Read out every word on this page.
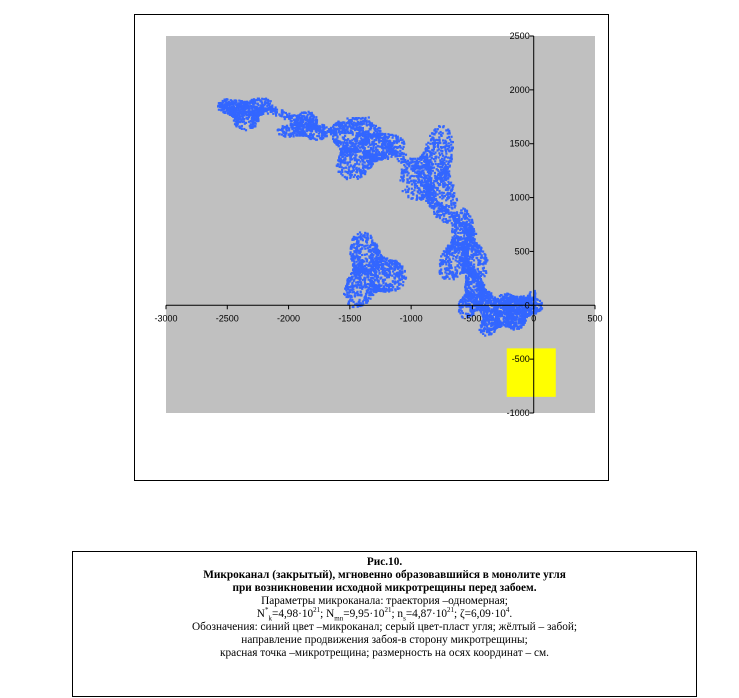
-3000	-2500	-2000	-1500	-1000	-500	0	500
-1000
-500
0
500
1000
1500
2000
2500
Рис.10.
Микроканал (закрытый), мгновенно образовавшийся в монолите угля
при возникновении исходной микротрещины перед забоем.
Параметры микроканала: траектория –одномерная;
$N^*_k=4,98\cdot 10^{21}$; $N_{mn}=9,95\cdot 10^{21}$; $n_s=4,87\cdot 10^{21}$; $\zeta=6,09\cdot 10^4$.
Обозначения: синий цвет –микроканал; серый цвет-пласт угля; жёлтый – забой;
направление продвижения забоя-в сторону микротрещины;
красная точка –микротрещина; размерность на осях координат – см.
